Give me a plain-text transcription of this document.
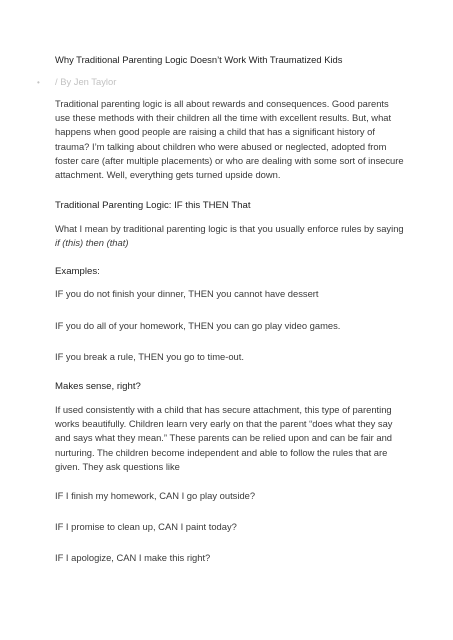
Why Traditional Parenting Logic Doesn’t Work With Traumatized Kids
• / By Jen Taylor
Traditional parenting logic is all about rewards and consequences. Good parents use these methods with their children all the time with excellent results. But, what happens when good people are raising a child that has a significant history of trauma? I’m talking about children who were abused or neglected, adopted from foster care (after multiple placements) or who are dealing with some sort of insecure attachment. Well, everything gets turned upside down.
Traditional Parenting Logic: IF this THEN That
What I mean by traditional parenting logic is that you usually enforce rules by saying if (this) then (that)
Examples:
IF you do not finish your dinner, THEN you cannot have dessert
IF you do all of your homework, THEN you can go play video games.
IF you break a rule, THEN you go to time-out.
Makes sense, right?
If used consistently with a child that has secure attachment, this type of parenting works beautifully. Children learn very early on that the parent “does what they say and says what they mean.” These parents can be relied upon and can be fair and nurturing. The children become independent and able to follow the rules that are given. They ask questions like
IF I finish my homework, CAN I go play outside?
IF I promise to clean up, CAN I paint today?
IF I apologize, CAN I make this right?
